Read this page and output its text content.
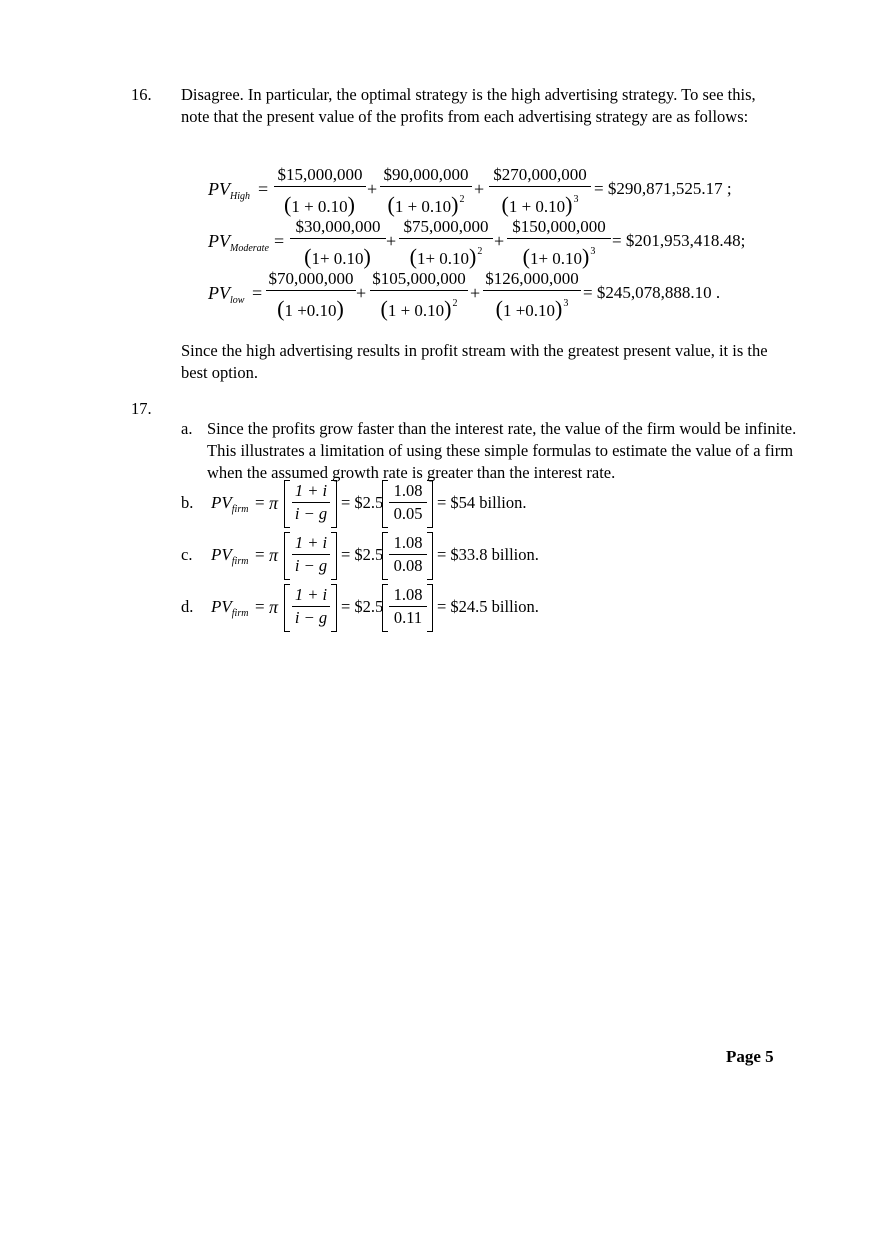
16. Disagree. In particular, the optimal strategy is the high advertising strategy. To see this, note that the present value of the profits from each advertising strategy are as follows:
$PV_{High}$ =
$15,000,000
(1 + 0.10)
+
$90,000,000
$(1 + 0.10)^2$
+
$270,000,000
$(1 + 0.10)^3$
= $290,871,525.17 ;
$PV_{Moderate}$ =
$30,000,000
(1+ 0.10)
+
$75,000,000
$(1+ 0.10)^2$
+
$150,000,000
$(1+ 0.10)^3$
= $201,953,418.48;
$PV_{low}$ =
$70,000,000
(1 +0.10)
+
$105,000,000
$(1 + 0.10)^2$
+
$126,000,000
$(1 +0.10)^3$
= $245,078,888.10 .
Since the high advertising results in profit stream with the greatest present value, it is the best option.
17.
a. Since the profits grow faster than the interest rate, the value of the firm would be infinite. This illustrates a limitation of using these simple formulas to estimate the value of a firm when the assumed growth rate is greater than the interest rate.
b. $PV_{firm} = \pi$
1 + i
i − g
= $2.5
1.08
0.05
= $54 billion.
c. $PV_{firm} = \pi$
1 + i
i − g
= $2.5
1.08
0.08
= $33.8 billion.
d. $PV_{firm} = \pi$
1 + i
i − g
= $2.5
1.08
0.11
= $24.5 billion.
Page 5
